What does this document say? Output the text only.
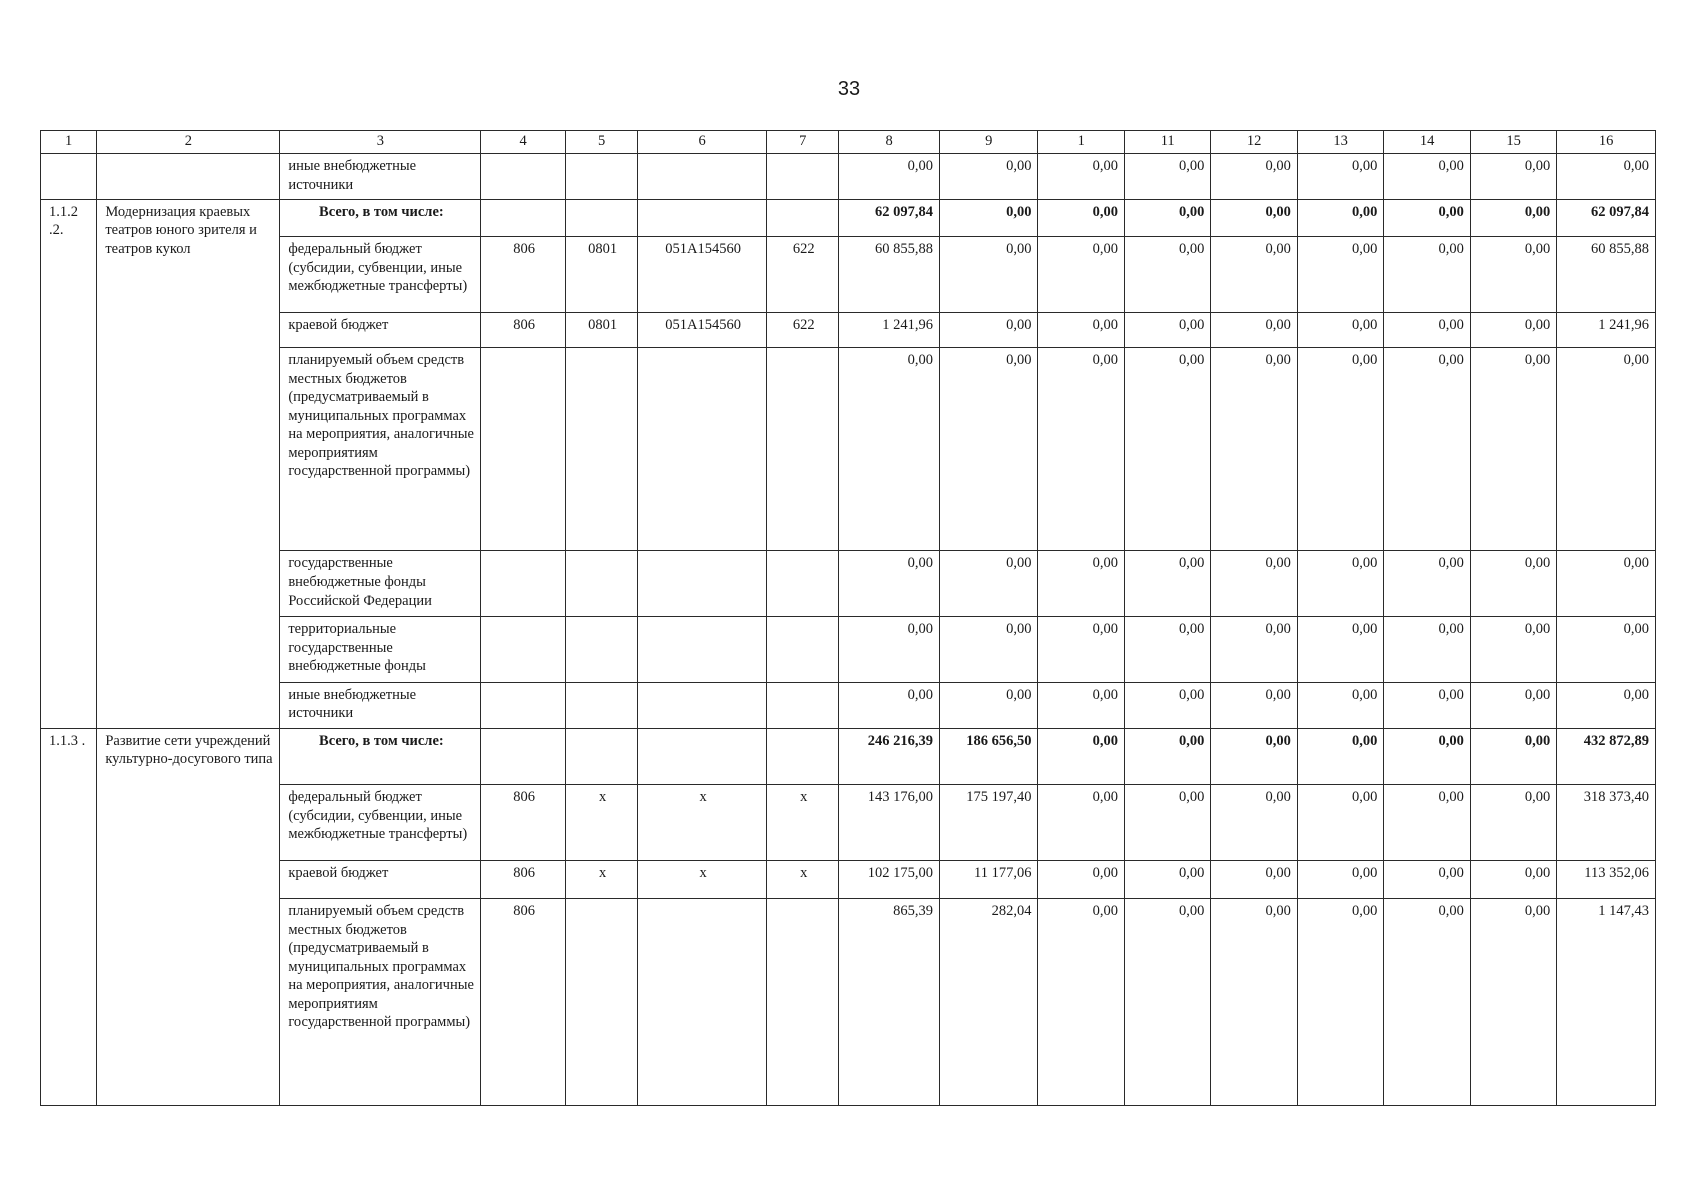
33
1	2	3	4	5	6	7	8	9	1	11	12	13	14	15	16
		иные внебюджетные источники					0,00	0,00	0,00	0,00	0,00	0,00	0,00	0,00	0,00
1.1.2 .2.	Модернизация краевых театров юного зрителя и театров кукол	Всего, в том числе:					62 097,84	0,00	0,00	0,00	0,00	0,00	0,00	0,00	62 097,84
		федеральный бюджет (субсидии, субвенции, иные межбюджетные трансферты)	806	0801	051A154560	622	60 855,88	0,00	0,00	0,00	0,00	0,00	0,00	0,00	60 855,88
		краевой бюджет	806	0801	051A154560	622	1 241,96	0,00	0,00	0,00	0,00	0,00	0,00	0,00	1 241,96
		планируемый объем средств местных бюджетов (предусматриваемый в муниципальных программах на мероприятия, аналогичные мероприятиям государственной программы)					0,00	0,00	0,00	0,00	0,00	0,00	0,00	0,00	0,00
		государственные внебюджетные фонды Российской Федерации					0,00	0,00	0,00	0,00	0,00	0,00	0,00	0,00	0,00
		территориальные государственные внебюджетные фонды					0,00	0,00	0,00	0,00	0,00	0,00	0,00	0,00	0,00
		иные внебюджетные источники					0,00	0,00	0,00	0,00	0,00	0,00	0,00	0,00	0,00
1.1.3 .	Развитие сети учреждений культурно-досугового типа	Всего, в том числе:					246 216,39	186 656,50	0,00	0,00	0,00	0,00	0,00	0,00	432 872,89
		федеральный бюджет (субсидии, субвенции, иные межбюджетные трансферты)	806	х	х	х	143 176,00	175 197,40	0,00	0,00	0,00	0,00	0,00	0,00	318 373,40
		краевой бюджет	806	х	х	х	102 175,00	11 177,06	0,00	0,00	0,00	0,00	0,00	0,00	113 352,06
		планируемый объем средств местных бюджетов (предусматриваемый в муниципальных программах на мероприятия, аналогичные мероприятиям государственной программы)	806				865,39	282,04	0,00	0,00	0,00	0,00	0,00	0,00	1 147,43
